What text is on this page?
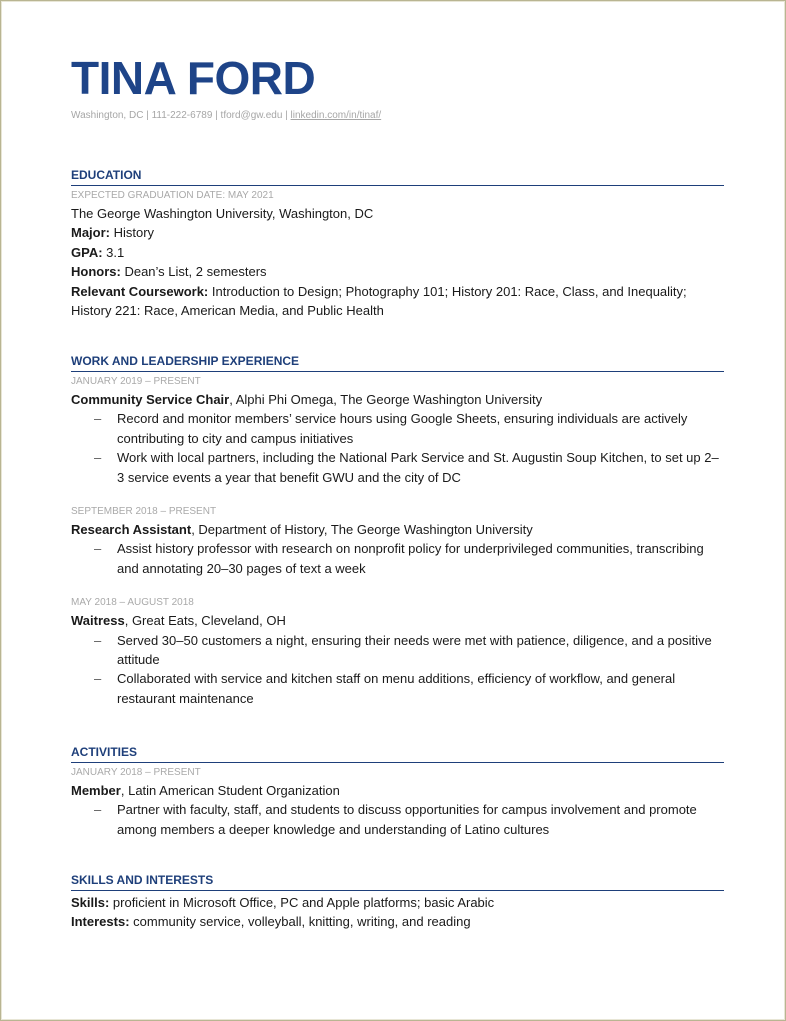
TINA FORD
Washington, DC | 111-222-6789 | tford@gw.edu | linkedin.com/in/tinaf/
EDUCATION
EXPECTED GRADUATION DATE: MAY 2021
The George Washington University, Washington, DC
Major: History
GPA: 3.1
Honors: Dean’s List, 2 semesters
Relevant Coursework: Introduction to Design; Photography 101; History 201: Race, Class, and Inequality; History 221: Race, American Media, and Public Health
WORK AND LEADERSHIP EXPERIENCE
JANUARY 2019 – PRESENT
Community Service Chair, Alphi Phi Omega, The George Washington University
– Record and monitor members’ service hours using Google Sheets, ensuring individuals are actively contributing to city and campus initiatives
– Work with local partners, including the National Park Service and St. Augustin Soup Kitchen, to set up 2–3 service events a year that benefit GWU and the city of DC
SEPTEMBER 2018 – PRESENT
Research Assistant, Department of History, The George Washington University
– Assist history professor with research on nonprofit policy for underprivileged communities, transcribing and annotating 20–30 pages of text a week
MAY 2018 – AUGUST 2018
Waitress, Great Eats, Cleveland, OH
– Served 30–50 customers a night, ensuring their needs were met with patience, diligence, and a positive attitude
– Collaborated with service and kitchen staff on menu additions, efficiency of workflow, and general restaurant maintenance
ACTIVITIES
JANUARY 2018 – PRESENT
Member, Latin American Student Organization
– Partner with faculty, staff, and students to discuss opportunities for campus involvement and promote among members a deeper knowledge and understanding of Latino cultures
SKILLS AND INTERESTS
Skills: proficient in Microsoft Office, PC and Apple platforms; basic Arabic
Interests: community service, volleyball, knitting, writing, and reading
